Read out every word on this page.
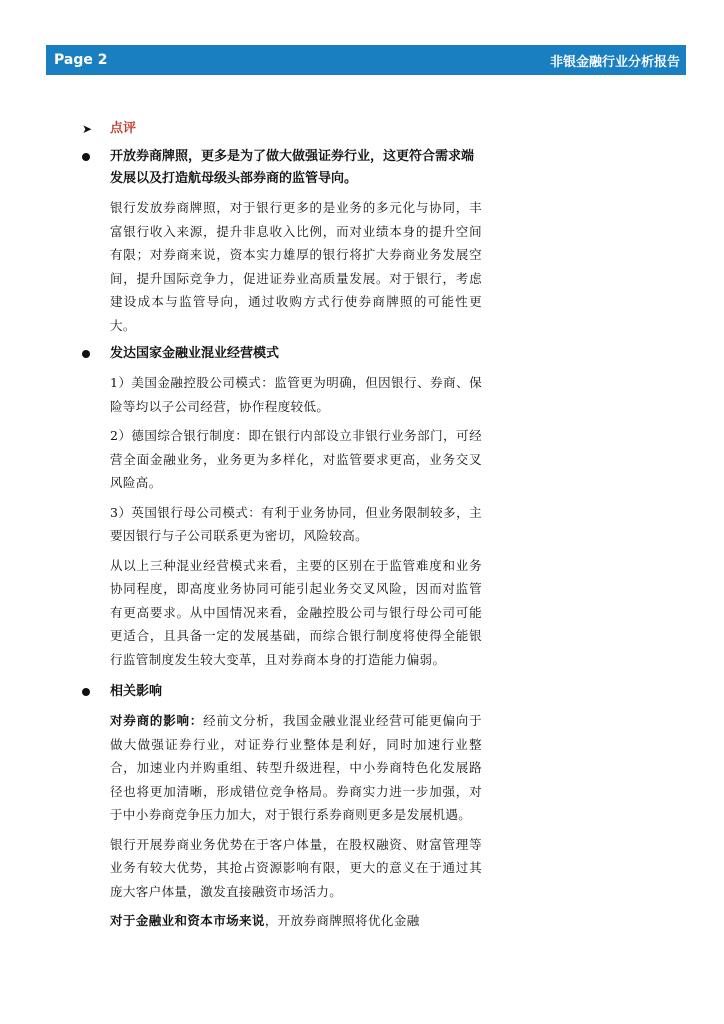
Page 2	非银金融行业分析报告
➤	点评
开放券商牌照，更多是为了做大做强证券行业，这更符合需求端发展以及打造航母级头部券商的监管导向。
银行发放券商牌照，对于银行更多的是业务的多元化与协同，丰富银行收入来源，提升非息收入比例，而对业绩本身的提升空间有限；对券商来说，资本实力雄厚的银行将扩大券商业务发展空间，提升国际竞争力，促进证券业高质量发展。对于银行，考虑建设成本与监管导向，通过收购方式行使券商牌照的可能性更大。
发达国家金融业混业经营模式
1）美国金融控股公司模式：监管更为明确，但因银行、券商、保险等均以子公司经营，协作程度较低。
2）德国综合银行制度：即在银行内部设立非银行业务部门，可经营全面金融业务，业务更为多样化，对监管要求更高，业务交叉风险高。
3）英国银行母公司模式：有利于业务协同，但业务限制较多，主要因银行与子公司联系更为密切，风险较高。
从以上三种混业经营模式来看，主要的区别在于监管难度和业务协同程度，即高度业务协同可能引起业务交叉风险，因而对监管有更高要求。从中国情况来看，金融控股公司与银行母公司可能更适合，且具备一定的发展基础，而综合银行制度将使得全能银行监管制度发生较大变革，且对券商本身的打造能力偏弱。
相关影响
对券商的影响：经前文分析，我国金融业混业经营可能更偏向于做大做强证券行业，对证券行业整体是利好，同时加速行业整合，加速业内并购重组、转型升级进程，中小券商特色化发展路径也将更加清晰，形成错位竞争格局。券商实力进一步加强，对于中小券商竞争压力加大，对于银行系券商则更多是发展机遇。
银行开展券商业务优势在于客户体量，在股权融资、财富管理等业务有较大优势，其抢占资源影响有限，更大的意义在于通过其庞大客户体量，激发直接融资市场活力。
对于金融业和资本市场来说，开放券商牌照将优化金融
